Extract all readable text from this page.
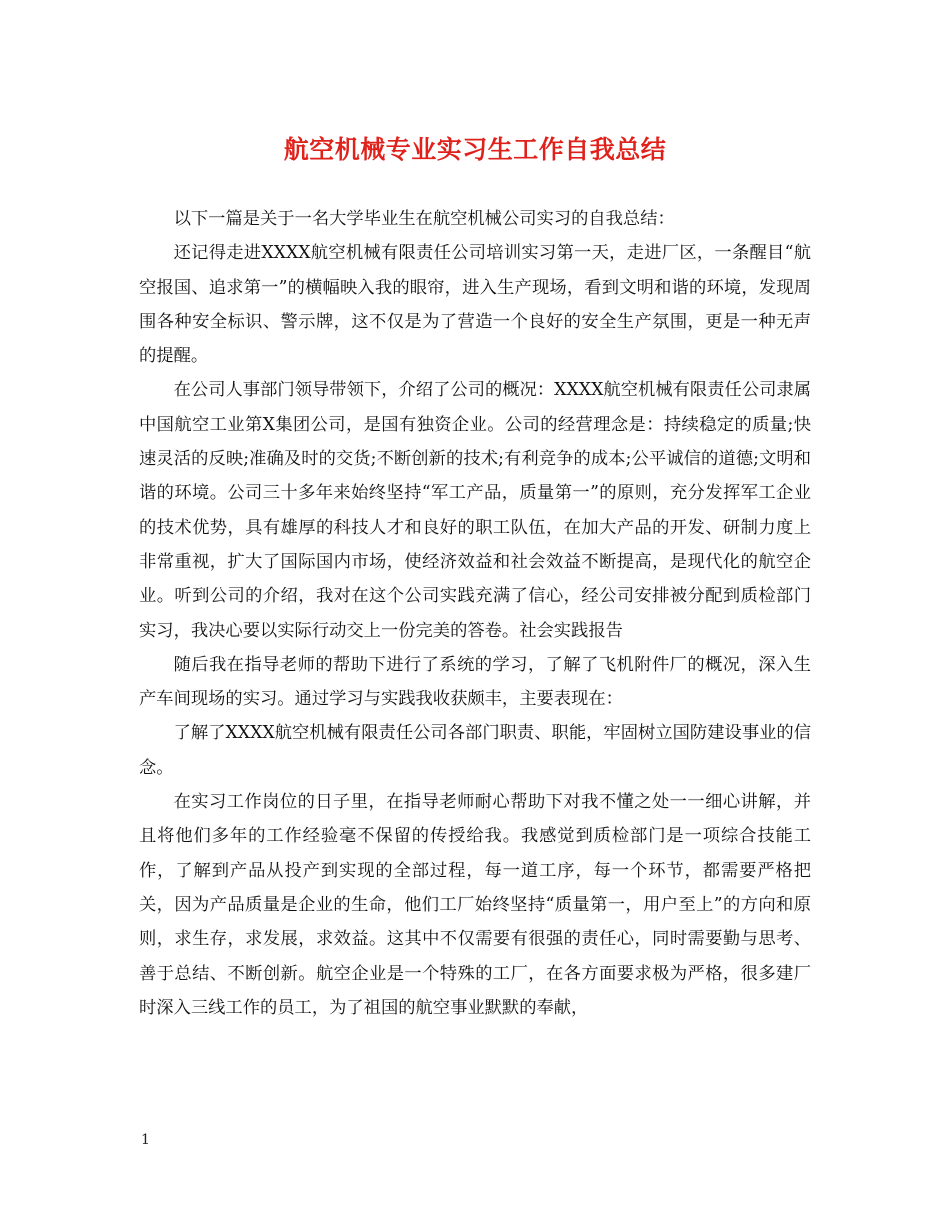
航空机械专业实习生工作自我总结

以下一篇是关于一名大学毕业生在航空机械公司实习的自我总结：

还记得走进XXXX航空机械有限责任公司培训实习第一天，走进厂区，一条醒目“航空报国、追求第一”的横幅映入我的眼帘，进入生产现场，看到文明和谐的环境，发现周围各种安全标识、警示牌，这不仅是为了营造一个良好的安全生产氛围，更是一种无声的提醒。

在公司人事部门领导带领下，介绍了公司的概况：XXXX航空机械有限责任公司隶属中国航空工业第X集团公司，是国有独资企业。公司的经营理念是：持续稳定的质量;快速灵活的反映;准确及时的交货;不断创新的技术;有利竞争的成本;公平诚信的道德;文明和谐的环境。公司三十多年来始终坚持“军工产品，质量第一”的原则，充分发挥军工企业的技术优势，具有雄厚的科技人才和良好的职工队伍，在加大产品的开发、研制力度上非常重视，扩大了国际国内市场，使经济效益和社会效益不断提高，是现代化的航空企业。听到公司的介绍，我对在这个公司实践充满了信心，经公司安排被分配到质检部门实习，我决心要以实际行动交上一份完美的答卷。社会实践报告

随后我在指导老师的帮助下进行了系统的学习，了解了飞机附件厂的概况，深入生产车间现场的实习。通过学习与实践我收获颇丰，主要表现在：

了解了XXXX航空机械有限责任公司各部门职责、职能，牢固树立国防建设事业的信念。

在实习工作岗位的日子里，在指导老师耐心帮助下对我不懂之处一一细心讲解，并且将他们多年的工作经验毫不保留的传授给我。我感觉到质检部门是一项综合技能工作，了解到产品从投产到实现的全部过程，每一道工序，每一个环节，都需要严格把关，因为产品质量是企业的生命，他们工厂始终坚持“质量第一，用户至上”的方向和原则，求生存，求发展，求效益。这其中不仅需要有很强的责任心，同时需要勤与思考、善于总结、不断创新。航空企业是一个特殊的工厂，在各方面要求极为严格，很多建厂时深入三线工作的员工，为了祖国的航空事业默默的奉献，

1
